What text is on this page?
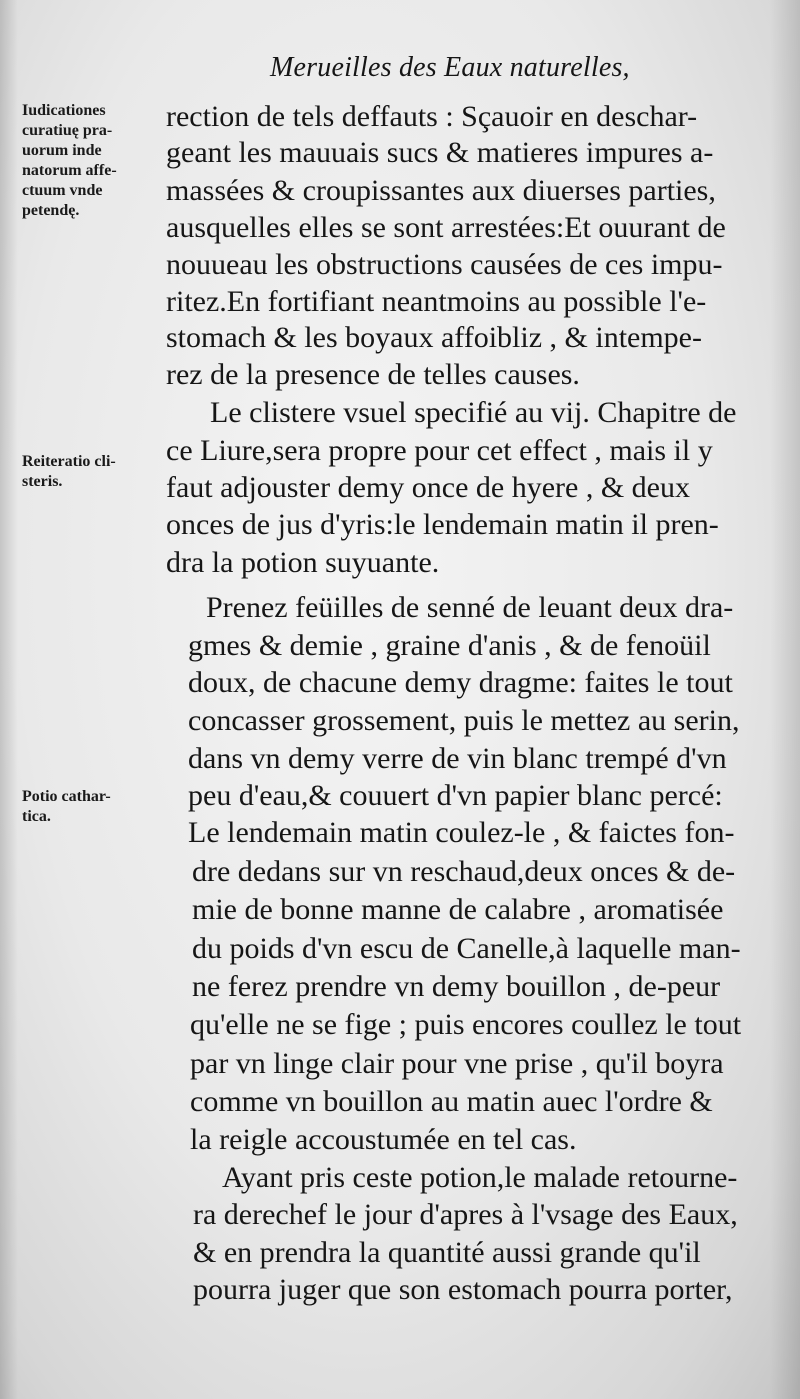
Merueilles des Eaux naturelles,
Iudicationes
curatiuę pra-
uorum inde
natorum affe-
ctuum vnde
petendę.
Reiteratio cli-
steris.
Potio cathar-
tica.
rection de tels deffauts : Sçauoir en deschar-
geant les mauuais sucs & matieres impures a-
massées & croupissantes aux diuerses parties,
ausquelles elles se sont arrestées:Et ouurant de
nouueau les obstructions causées de ces impu-
ritez.En fortifiant neantmoins au possible l'e-
stomach & les boyaux affoibliz , & intempe-
rez de la presence de telles causes.
Le clistere vsuel specifié au vij. Chapitre de
ce Liure,sera propre pour cet effect , mais il y
faut adjouster demy once de hyere , & deux
onces de jus d'yris:le lendemain matin il pren-
dra la potion suyuante.
Prenez feüilles de senné de leuant deux dra-
gmes & demie , graine d'anis , & de fenoüil
doux, de chacune demy dragme: faites le tout
concasser grossement, puis le mettez au serin,
dans vn demy verre de vin blanc trempé d'vn
peu d'eau,& couuert d'vn papier blanc percé:
Le lendemain matin coulez-le , & faictes fon-
dre dedans sur vn reschaud,deux onces & de-
mie de bonne manne de calabre , aromatisée
du poids d'vn escu de Canelle,à laquelle man-
ne ferez prendre vn demy bouillon , de-peur
qu'elle ne se fige ; puis encores coullez le tout
par vn linge clair pour vne prise , qu'il boyra
comme vn bouillon au matin auec l'ordre &
la reigle accoustumée en tel cas.
Ayant pris ceste potion,le malade retourne-
ra derechef le jour d'apres à l'vsage des Eaux,
& en prendra la quantité aussi grande qu'il
pourra juger que son estomach pourra porter,
